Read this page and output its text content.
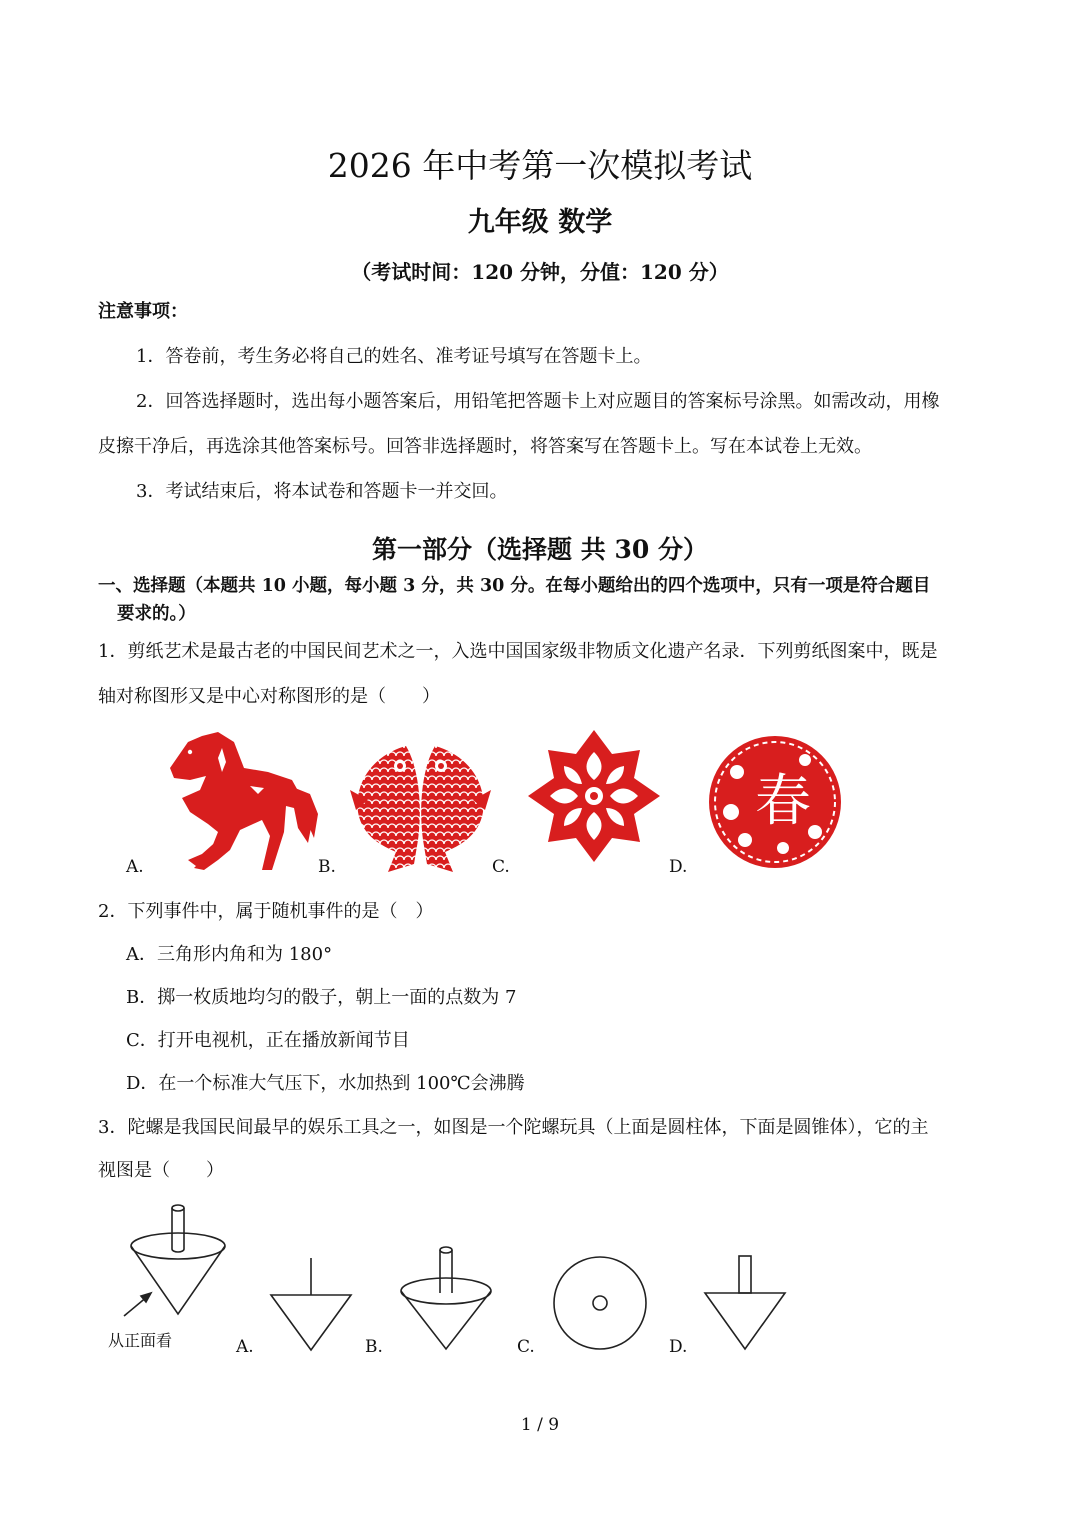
2026 年中考第一次模拟考试
九年级 数学
（考试时间：120 分钟，分值：120 分）
注意事项：
1．答卷前，考生务必将自己的姓名、准考证号填写在答题卡上。
2．回答选择题时，选出每小题答案后，用铅笔把答题卡上对应题目的答案标号涂黑。如需改动，用橡
皮擦干净后，再选涂其他答案标号。回答非选择题时，将答案写在答题卡上。写在本试卷上无效。
3．考试结束后，将本试卷和答题卡一并交回。
第一部分（选择题 共 30 分）
一、选择题（本题共 10 小题，每小题 3 分，共 30 分。在每小题给出的四个选项中，只有一项是符合题目
要求的。）
1．剪纸艺术是最古老的中国民间艺术之一，入选中国国家级非物质文化遗产名录．下列剪纸图案中，既是
轴对称图形又是中心对称图形的是（　　）
春
A.	B.	C.	D.
2．下列事件中，属于随机事件的是（　）
A．三角形内角和为 180°
B．掷一枚质地均匀的骰子，朝上一面的点数为 7
C．打开电视机，正在播放新闻节目
D．在一个标准大气压下，水加热到 100℃会沸腾
3．陀螺是我国民间最早的娱乐工具之一，如图是一个陀螺玩具（上面是圆柱体，下面是圆锥体），它的主
视图是（　　）
从正面看	A.	B.	C.	D.
1 / 9
